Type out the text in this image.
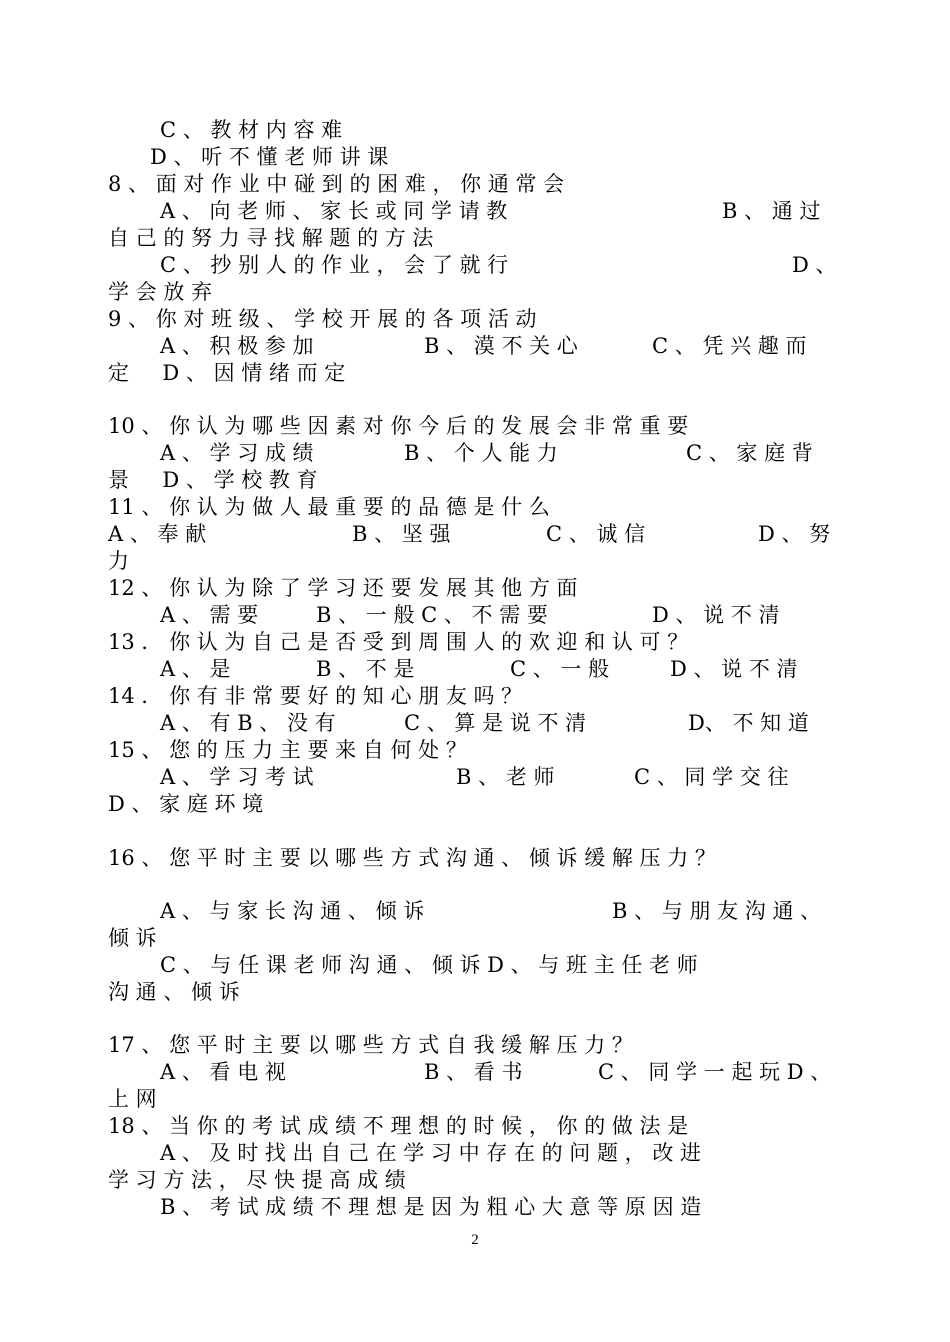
C 、 教 材 内 容 难

D 、 听 不 懂 老 师 讲 课

8 、 面 对 作 业 中 碰 到 的 困 难 ， 你 通 常 会

A 、 向 老 师 、 家 长 或 同 学 请 教	B 、 通 过

自 己 的 努 力 寻 找 解 题 的 方 法

C 、 抄 别 人 的 作 业 ， 会 了 就 行	D 、

学 会 放 弃

9 、 你 对 班 级 、 学 校 开 展 的 各 项 活 动

A 、 积 极 参 加	B 、 漠 不 关 心	C 、 凭 兴 趣 而

定     D 、 因 情 绪 而 定

10 、 你 认 为 哪 些 因 素 对 你 今 后 的 发 展 会 非 常 重 要

A 、 学 习 成 绩	B 、 个 人 能 力	C 、 家 庭 背

景     D 、 学 校 教 育

11 、 你 认 为 做 人 最 重 要 的 品 德 是 什 么

A 、 奉 献	B 、 坚 强	C 、 诚 信	D 、 努

力

12 、 你 认 为 除 了 学 习 还 要 发 展 其 他 方 面

A 、 需 要	B 、 一 般 C 、 不 需 要	D 、 说 不 清

13 ． 你 认 为 自 己 是 否 受 到 周 围 人 的 欢 迎 和 认 可 ？

A 、 是	B 、 不 是	C 、 一 般	D 、 说 不 清

14 ． 你 有 非 常 要 好 的 知 心 朋 友 吗 ？

A 、 有 B 、 没 有	C 、 算 是 说 不 清	D、 不 知 道

15 、 您 的 压 力 主 要 来 自 何 处 ？

A 、 学 习 考 试	B 、 老 师	C 、 同 学 交 往

D 、 家 庭 环 境

16 、 您 平 时 主 要 以 哪 些 方 式 沟 通 、 倾 诉 缓 解 压 力 ？

A 、 与 家 长 沟 通 、 倾 诉	B 、 与 朋 友 沟 通 、

倾 诉

C 、 与 任 课 老 师 沟 通 、 倾 诉 D 、 与 班 主 任 老 师

沟 通 、 倾 诉

17 、 您 平 时 主 要 以 哪 些 方 式 自 我 缓 解 压 力 ？

A 、 看 电 视	B 、 看 书	C 、 同 学 一 起 玩 D 、

上 网

18 、 当 你 的 考 试 成 绩 不 理 想 的 时 候 ， 你 的 做 法 是

A 、 及 时 找 出 自 己 在 学 习 中 存 在 的 问 题 ， 改 进

学 习 方 法 ， 尽 快 提 高 成 绩

B 、 考 试 成 绩 不 理 想 是 因 为 粗 心 大 意 等 原 因 造

2
